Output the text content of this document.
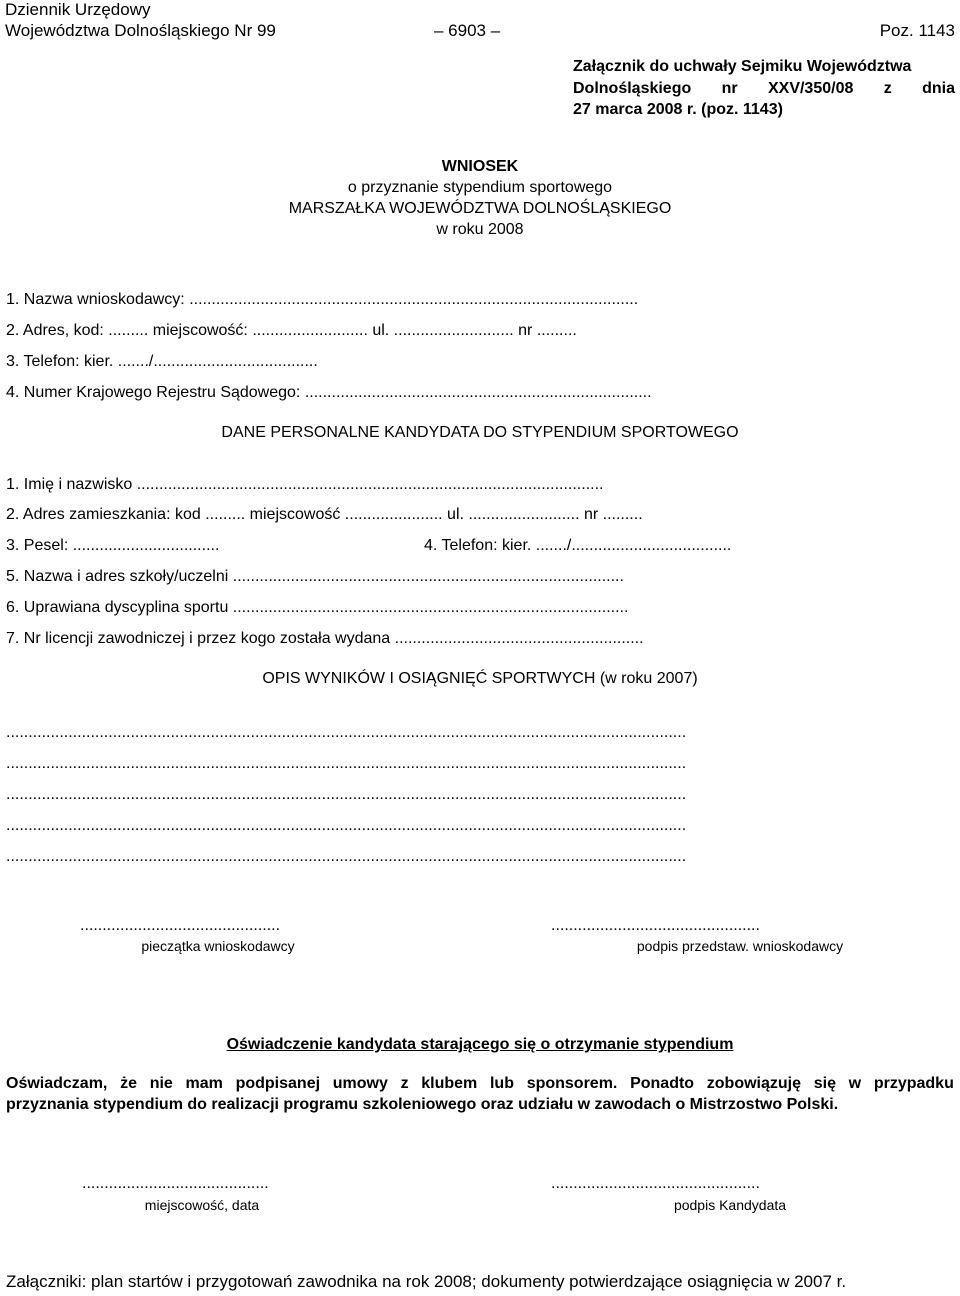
Dziennik Urzędowy
Województwa Dolnośląskiego Nr 99	– 6903 –	Poz. 1143
Załącznik do uchwały Sejmiku Województwa
Dolnośląskiego nr XXV/350/08 z dnia
27 marca 2008 r. (poz. 1143)
WNIOSEK
o przyznanie stypendium sportowego
MARSZAŁKA WOJEWÓDZTWA DOLNOŚLĄSKIEGO
w roku 2008
1. Nazwa wnioskodawcy: .....................................................................................................
2. Adres, kod: ......... miejscowość: .......................... ul. ........................... nr .........
3. Telefon: kier. ......./.....................................
4. Numer Krajowego Rejestru Sądowego: ..............................................................................
DANE PERSONALNE KANDYDATA DO STYPENDIUM SPORTOWEGO
1. Imię i nazwisko .........................................................................................................
2. Adres zamieszkania: kod ......... miejscowość ...................... ul. ......................... nr .........
3. Pesel: .................................	4. Telefon: kier. ......./....................................
5. Nazwa i adres szkoły/uczelni ........................................................................................
6. Uprawiana dyscyplina sportu .........................................................................................
7. Nr licencji zawodniczej i przez kogo została wydana ........................................................
OPIS WYNIKÓW I OSIĄGNIĘĆ SPORTWYCH (w roku 2007)
.........................................................................................................................................................
.........................................................................................................................................................
.........................................................................................................................................................
.........................................................................................................................................................
.........................................................................................................................................................
.............................................
pieczątka wnioskodawcy
...............................................
podpis przedstaw. wnioskodawcy
Oświadczenie kandydata starającego się o otrzymanie stypendium
Oświadczam, że nie mam podpisanej umowy z klubem lub sponsorem. Ponadto zobowiązuję się w przypadku
przyznania stypendium do realizacji programu szkoleniowego oraz udziału w zawodach o Mistrzostwo Polski.
..........................................
miejscowość, data
...............................................
podpis Kandydata
Załączniki: plan startów i przygotowań zawodnika na rok 2008; dokumenty potwierdzające osiągnięcia w 2007 r.
